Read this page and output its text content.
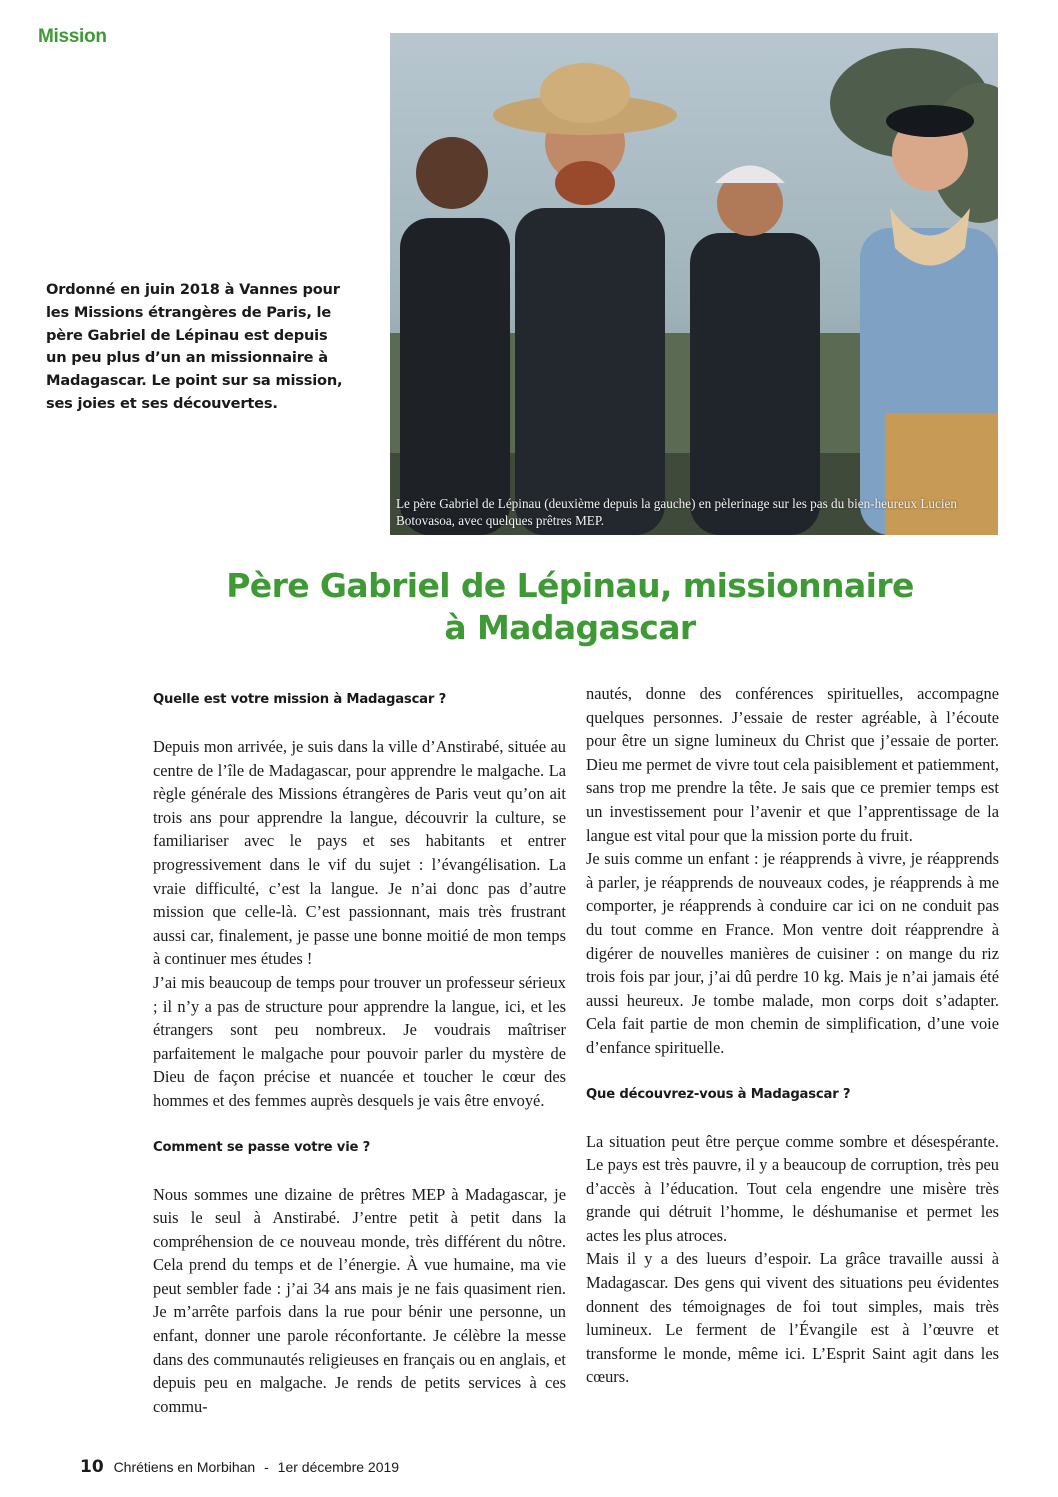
Mission
Ordonné en juin 2018 à Vannes pour les Missions étrangères de Paris, le père Gabriel de Lépinau est depuis un peu plus d’un an missionnaire à Madagascar. Le point sur sa mission, ses joies et ses découvertes.
Le père Gabriel de Lépinau (deuxième depuis la gauche) en pèlerinage sur les pas du bien-heureux Lucien Botovasoa, avec quelques prêtres MEP.
Père Gabriel de Lépinau, missionnaire
à Madagascar
Quelle est votre mission à Madagascar ?

Depuis mon arrivée, je suis dans la ville d’Anstirabé, située au centre de l’île de Madagascar, pour apprendre le malgache. La règle générale des Missions étrangères de Paris veut qu’on ait trois ans pour apprendre la langue, découvrir la culture, se familiariser avec le pays et ses habitants et entrer progressivement dans le vif du sujet : l’évangélisation. La vraie difficulté, c’est la langue. Je n’ai donc pas d’autre mission que celle-là. C’est passionnant, mais très frustrant aussi car, finalement, je passe une bonne moitié de mon temps à continuer mes études !

J’ai mis beaucoup de temps pour trouver un professeur sérieux ; il n’y a pas de structure pour apprendre la langue, ici, et les étrangers sont peu nombreux. Je voudrais maîtriser parfaitement le malgache pour pouvoir parler du mystère de Dieu de façon précise et nuancée et toucher le cœur des hommes et des femmes auprès desquels je vais être envoyé.

Comment se passe votre vie ?

Nous sommes une dizaine de prêtres MEP à Madagascar, je suis le seul à Anstirabé. J’entre petit à petit dans la compréhension de ce nouveau monde, très différent du nôtre. Cela prend du temps et de l’énergie. À vue humaine, ma vie peut sembler fade : j’ai 34 ans mais je ne fais quasiment rien. Je m’arrête parfois dans la rue pour bénir une personne, un enfant, donner une parole réconfortante. Je célèbre la messe dans des communautés religieuses en français ou en anglais, et depuis peu en malgache. Je rends de petits services à ces commu-

nautés, donne des conférences spirituelles, accompagne quelques personnes. J’essaie de rester agréable, à l’écoute pour être un signe lumineux du Christ que j’essaie de porter. Dieu me permet de vivre tout cela paisiblement et patiemment, sans trop me prendre la tête. Je sais que ce premier temps est un investissement pour l’avenir et que l’apprentissage de la langue est vital pour que la mission porte du fruit.

Je suis comme un enfant : je réapprends à vivre, je réapprends à parler, je réapprends de nouveaux codes, je réapprends à me comporter, je réapprends à conduire car ici on ne conduit pas du tout comme en France. Mon ventre doit réapprendre à digérer de nouvelles manières de cuisiner : on mange du riz trois fois par jour, j’ai dû perdre 10 kg. Mais je n’ai jamais été aussi heureux. Je tombe malade, mon corps doit s’adapter. Cela fait partie de mon chemin de simplification, d’une voie d’enfance spirituelle.

Que découvrez-vous à Madagascar ?

La situation peut être perçue comme sombre et désespérante. Le pays est très pauvre, il y a beaucoup de corruption, très peu d’accès à l’éducation. Tout cela engendre une misère très grande qui détruit l’homme, le déshumanise et permet les actes les plus atroces.

Mais il y a des lueurs d’espoir. La grâce travaille aussi à Madagascar. Des gens qui vivent des situations peu évidentes donnent des témoignages de foi tout simples, mais très lumineux. Le ferment de l’Évangile est à l’œuvre et transforme le monde, même ici. L’Esprit Saint agit dans les cœurs.

10 Chrétiens en Morbihan - 1er décembre 2019
